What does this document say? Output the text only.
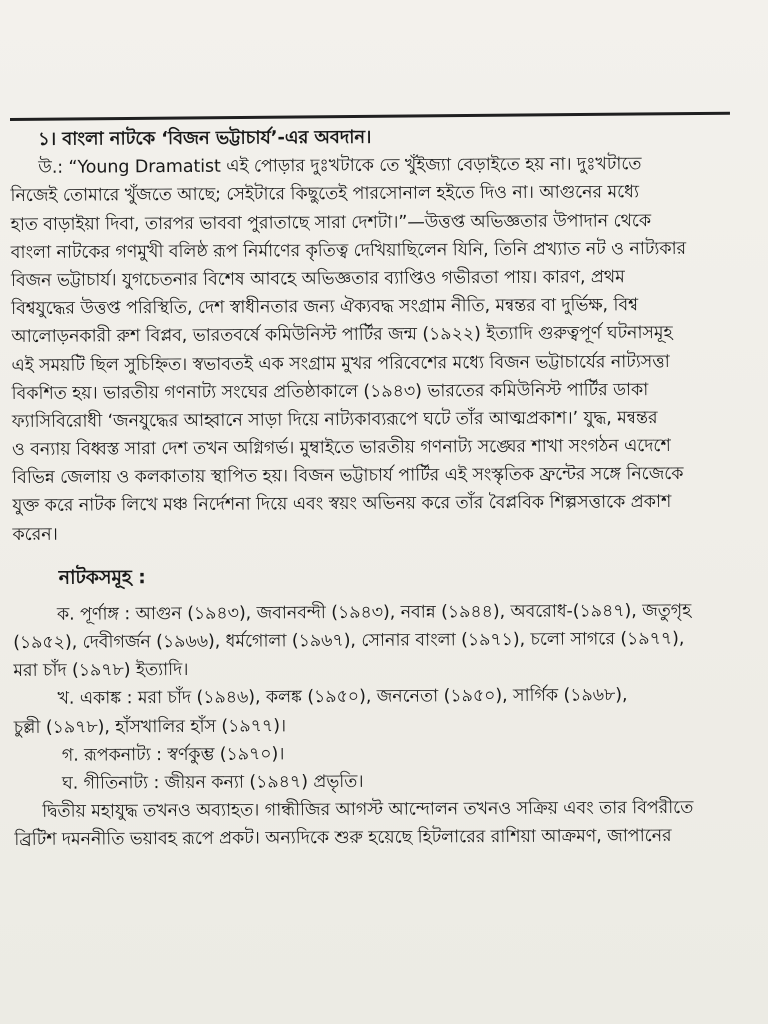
১। বাংলা নাটকে ‘বিজন ভট্টাচার্য’-এর অবদান।
উ.: “Young Dramatist এই পোড়ার দুঃখটাকে তে খুঁইজ্যা বেড়াইতে হয় না। দুঃখটাতে
নিজেই তোমারে খুঁজতে আছে; সেইটারে কিছুতেই পারসোনাল হইতে দিও না। আগুনের মধ্যে
হাত বাড়াইয়া দিবা, তারপর ভাববা পুরাতাছে সারা দেশটা।”—উত্তপ্ত অভিজ্ঞতার উপাদান থেকে
বাংলা নাটকের গণমুখী বলিষ্ঠ রূপ নির্মাণের কৃতিত্ব দেখিয়াছিলেন যিনি, তিনি প্রখ্যাত নট ও নাট্যকার
বিজন ভট্টাচার্য। যুগচেতনার বিশেষ আবহে অভিজ্ঞতার ব্যাপ্তিও গভীরতা পায়। কারণ, প্রথম
বিশ্বযুদ্ধের উত্তপ্ত পরিস্থিতি, দেশ স্বাধীনতার জন্য ঐক্যবদ্ধ সংগ্রাম নীতি, মন্বন্তর বা দুর্ভিক্ষ, বিশ্ব
আলোড়নকারী রুশ বিপ্লব, ভারতবর্ষে কমিউনিস্ট পার্টির জন্ম (১৯২২) ইত্যাদি গুরুত্বপূর্ণ ঘটনাসমূহ
এই সময়টি ছিল সুচিহ্নিত। স্বভাবতই এক সংগ্রাম মুখর পরিবেশের মধ্যে বিজন ভট্টাচার্যের নাট্যসত্তা
বিকশিত হয়। ভারতীয় গণনাট্য সংঘের প্রতিষ্ঠাকালে (১৯৪৩) ভারতের কমিউনিস্ট পার্টির ডাকা
ফ্যাসিবিরোধী ‘জনযুদ্ধের আহ্বানে সাড়া দিয়ে নাট্যকাব্যরূপে ঘটে তাঁর আত্মপ্রকাশ।’ যুদ্ধ, মন্বন্তর
ও বন্যায় বিধ্বস্ত সারা দেশ তখন অগ্নিগর্ভ। মুম্বাইতে ভারতীয় গণনাট্য সঙ্ঘের শাখা সংগঠন এদেশে
বিভিন্ন জেলায় ও কলকাতায় স্থাপিত হয়। বিজন ভট্টাচার্য পার্টির এই সংস্কৃতিক ফ্রন্টের সঙ্গে নিজেকে
যুক্ত করে নাটক লিখে মঞ্চ নির্দেশনা দিয়ে এবং স্বয়ং অভিনয় করে তাঁর বৈপ্লবিক শিল্পসত্তাকে প্রকাশ
করেন।
নাটকসমূহ :
ক. পূর্ণাঙ্গ : আগুন (১৯৪৩), জবানবন্দী (১৯৪৩), নবান্ন (১৯৪৪), অবরোধ-(১৯৪৭), জতুগৃহ
(১৯৫২), দেবীগর্জন (১৯৬৬), ধর্মগোলা (১৯৬৭), সোনার বাংলা (১৯৭১), চলো সাগরে (১৯৭৭),
মরা চাঁদ (১৯৭৮) ইত্যাদি।
খ. একাঙ্ক : মরা চাঁদ (১৯৪৬), কলঙ্ক (১৯৫০), জননেতা (১৯৫০), সার্গিক (১৯৬৮),
চুল্লী (১৯৭৮), হাঁসখালির হাঁস (১৯৭৭)।
গ. রূপকনাট্য : স্বর্ণকুম্ভ (১৯৭০)।
ঘ. গীতিনাট্য : জীয়ন কন্যা (১৯৪৭) প্রভৃতি।
দ্বিতীয় মহাযুদ্ধ তখনও অব্যাহত। গান্ধীজির আগস্ট আন্দোলন তখনও সক্রিয় এবং তার বিপরীতে
ব্রিটিশ দমননীতি ভয়াবহ রূপে প্রকট। অন্যদিকে শুরু হয়েছে হিটলারের রাশিয়া আক্রমণ, জাপানের
